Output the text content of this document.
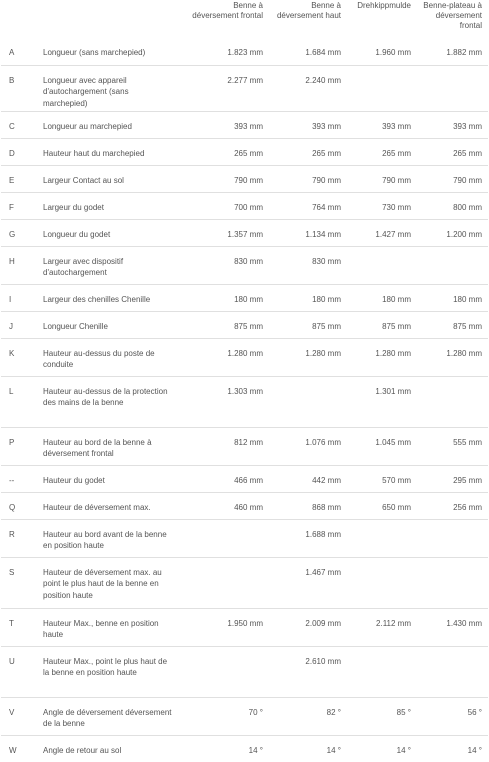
		Benne à déversement frontal	Benne à déversement haut	Drehkippmulde	Benne-plateau à déversement frontal
A	Longueur (sans marchepied)	1.823 mm	1.684 mm	1.960 mm	1.882 mm
B	Longueur avec appareil d'autochargement (sans marchepied)	2.277 mm	2.240 mm		
C	Longueur au marchepied	393 mm	393 mm	393 mm	393 mm
D	Hauteur haut du marchepied	265 mm	265 mm	265 mm	265 mm
E	Largeur Contact au sol	790 mm	790 mm	790 mm	790 mm
F	Largeur du godet	700 mm	764 mm	730 mm	800 mm
G	Longueur du godet	1.357 mm	1.134 mm	1.427 mm	1.200 mm
H	Largeur avec dispositif d'autochargement	830 mm	830 mm		
I	Largeur des chenilles Chenille	180 mm	180 mm	180 mm	180 mm
J	Longueur Chenille	875 mm	875 mm	875 mm	875 mm
K	Hauteur au-dessus du poste de conduite	1.280 mm	1.280 mm	1.280 mm	1.280 mm
L	Hauteur au-dessus de la protection des mains de la benne	1.303 mm		1.301 mm	
P	Hauteur au bord de la benne à déversement frontal	812 mm	1.076 mm	1.045 mm	555 mm
--	Hauteur du godet	466 mm	442 mm	570 mm	295 mm
Q	Hauteur de déversement max.	460 mm	868 mm	650 mm	256 mm
R	Hauteur au bord avant de la benne en position haute		1.688 mm		
S	Hauteur de déversement max. au point le plus haut de la benne en position haute		1.467 mm		
T	Hauteur Max., benne en position haute	1.950 mm	2.009 mm	2.112 mm	1.430 mm
U	Hauteur Max., point le plus haut de la benne en position haute		2.610 mm		
V	Angle de déversement déversement de la benne	70 °	82 °	85 °	56 °
W	Angle de retour au sol	14 °	14 °	14 °	14 °
